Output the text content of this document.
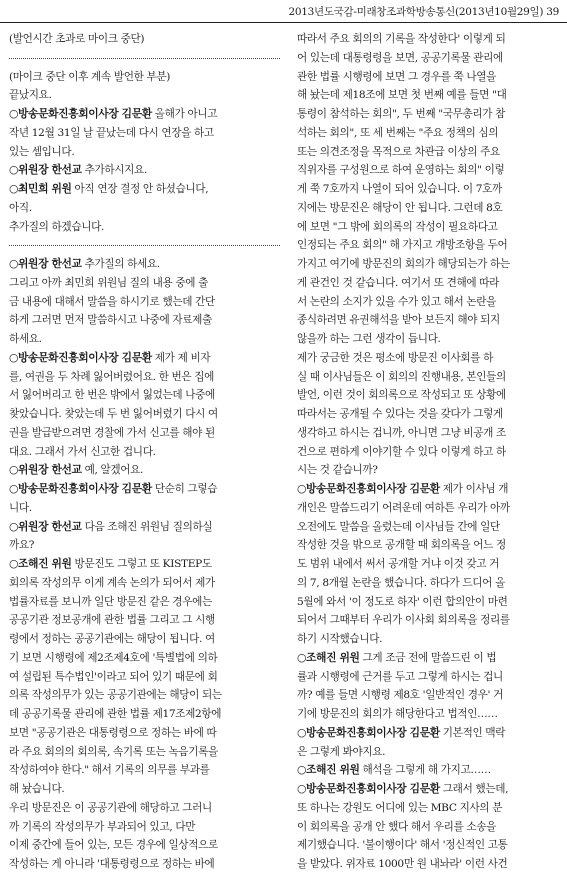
2013년도국감-미래창조과학방송통신(2013년10월29일) 39
(발언시간 초과로 마이크 중단)
(마이크 중단 이후 계속 발언한 부분)
끝났지요.
○방송문화진흥회이사장 김문환 올해가 아니고
작년 12월 31일 날 끝났는데 다시 연장을 하고
있는 셈입니다.
○위원장 한선교 추가하시지요.
○최민희 위원 아직 연장 결정 안 하셨습니다,
아직.
추가질의 하겠습니다.
○위원장 한선교 추가질의 하세요.
그리고 아까 최민희 위원님 질의 내용 중에 출
금 내용에 대해서 말씀을 하시기로 했는데 간단
하게 그러면 먼저 말씀하시고 나중에 자료제출
하세요.
○방송문화진흥회이사장 김문환 제가 제 비자
를, 여권을 두 차례 잃어버렸어요. 한 번은 집에
서 잃어버리고 한 번은 밖에서 잃었는데 나중에
찾았습니다. 찾았는데 두 번 잃어버렸기 다시 여
권을 발급받으려면 경찰에 가서 신고를 해야 된
대요. 그래서 가서 신고한 겁니다.
○위원장 한선교 예, 알겠어요.
○방송문화진흥회이사장 김문환 단순히 그렇습
니다.
○위원장 한선교 다음 조해진 위원님 질의하실
까요?
○조해진 위원 방문진도 그렇고 또 KISTEP도
회의록 작성의무 이게 계속 논의가 되어서 제가
법률자료를 보니까 일단 방문진 같은 경우에는
공공기관 정보공개에 관한 법률 그리고 그 시행
령에서 정하는 공공기관에는 해당이 됩니다. 여
기 보면 시행령에 제2조제4호에 '특별법에 의하
여 설립된 특수법인'이라고 되어 있기 때문에 회
의록 작성의무가 있는 공공기관에는 해당이 되는
데 공공기록물 관리에 관한 법률 제17조제2항에
보면 "공공기관은 대통령령으로 정하는 바에 따
라 주요 회의의 회의록, 속기록 또는 녹음기록을
작성하여야 한다." 해서 기록의 의무를 부과를
해 놨습니다.
우리 방문진은 이 공공기관에 해당하고 그러니
까 기록의 작성의무가 부과되어 있고, 다만
이제 중간에 들어 있는, 모든 경우에 일상적으로
작성하는 게 아니라 '대통령령으로 정하는 바에
따라서 주요 회의의 기록을 작성한다' 이렇게 되
어 있는데 대통령령을 보면, 공공기록물 관리에
관한 법률 시행령에 보면 그 경우를 쭉 나열을
해 놨는데 제18조에 보면 첫 번째 예를 들면 "대
통령이 참석하는 회의", 두 번째 "국무총리가 참
석하는 회의", 또 세 번째는 "주요 정책의 심의
또는 의견조정을 목적으로 차관급 이상의 주요
직위자를 구성원으로 하여 운영하는 회의" 이렇
게 쭉 7호까지 나열이 되어 있습니다. 이 7호까
지에는 방문진은 해당이 안 됩니다. 그런데 8호
에 보면 "그 밖에 회의록의 작성이 필요하다고
인정되는 주요 회의" 해 가지고 개방조항을 두어
가지고 여기에 방문진의 회의가 해당되는가 하는
게 관건인 것 같습니다. 여기서 또 견해에 따라
서 논란의 소지가 있을 수가 있고 해서 논란을
종식하려면 유권해석을 받아 보든지 해야 되지
않을까 하는 그런 생각이 듭니다.
제가 궁금한 것은 평소에 방문진 이사회를 하
실 때 이사님들은 이 회의의 진행내용, 본인들의
발언, 이런 것이 회의록으로 작성되고 또 상황에
따라서는 공개될 수 있다는 것을 갖다가 그렇게
생각하고 하시는 겁니까, 아니면 그냥 비공개 조
건으로 편하게 이야기할 수 있다 이렇게 하고 하
시는 것 같습니까?
○방송문화진흥회이사장 김문환 제가 이사님 개
개인은 말씀드리기 어려운데 여하튼 우리가 아까
오전에도 말씀을 올렸는데 이사님들 간에 일단
작성한 것을 밖으로 공개할 때 회의록을 어느 정
도 범위 내에서 써서 공개할 거냐 이것 갖고 거
의 7, 8개월 논란을 했습니다. 하다가 드디어 올
5월에 와서 '이 정도로 하자' 이런 합의안이 마련
되어서 그때부터 우리가 이사회 회의록을 정리를
하기 시작했습니다.
○조해진 위원 그게 조금 전에 말씀드린 이 법
률과 시행령에 근거를 두고 그렇게 하시는 겁니
까? 예를 들면 시행령 제8호 '일반적인 경우' 거
기에 방문진의 회의가 해당한다고 법적인……
○방송문화진흥회이사장 김문환 기본적인 맥락
은 그렇게 봐야지요.
○조해진 위원 해석을 그렇게 해 가지고……
○방송문화진흥회이사장 김문환 그래서 했는데,
또 하나는 강원도 어디에 있는 MBC 지사의 분
이 회의록을 공개 안 했다 해서 우리를 소송을
제기했습니다. '불이행이다' 해서 '정신적인 고통
을 받았다. 위자료 1000만 원 내놔라' 이런 사건
